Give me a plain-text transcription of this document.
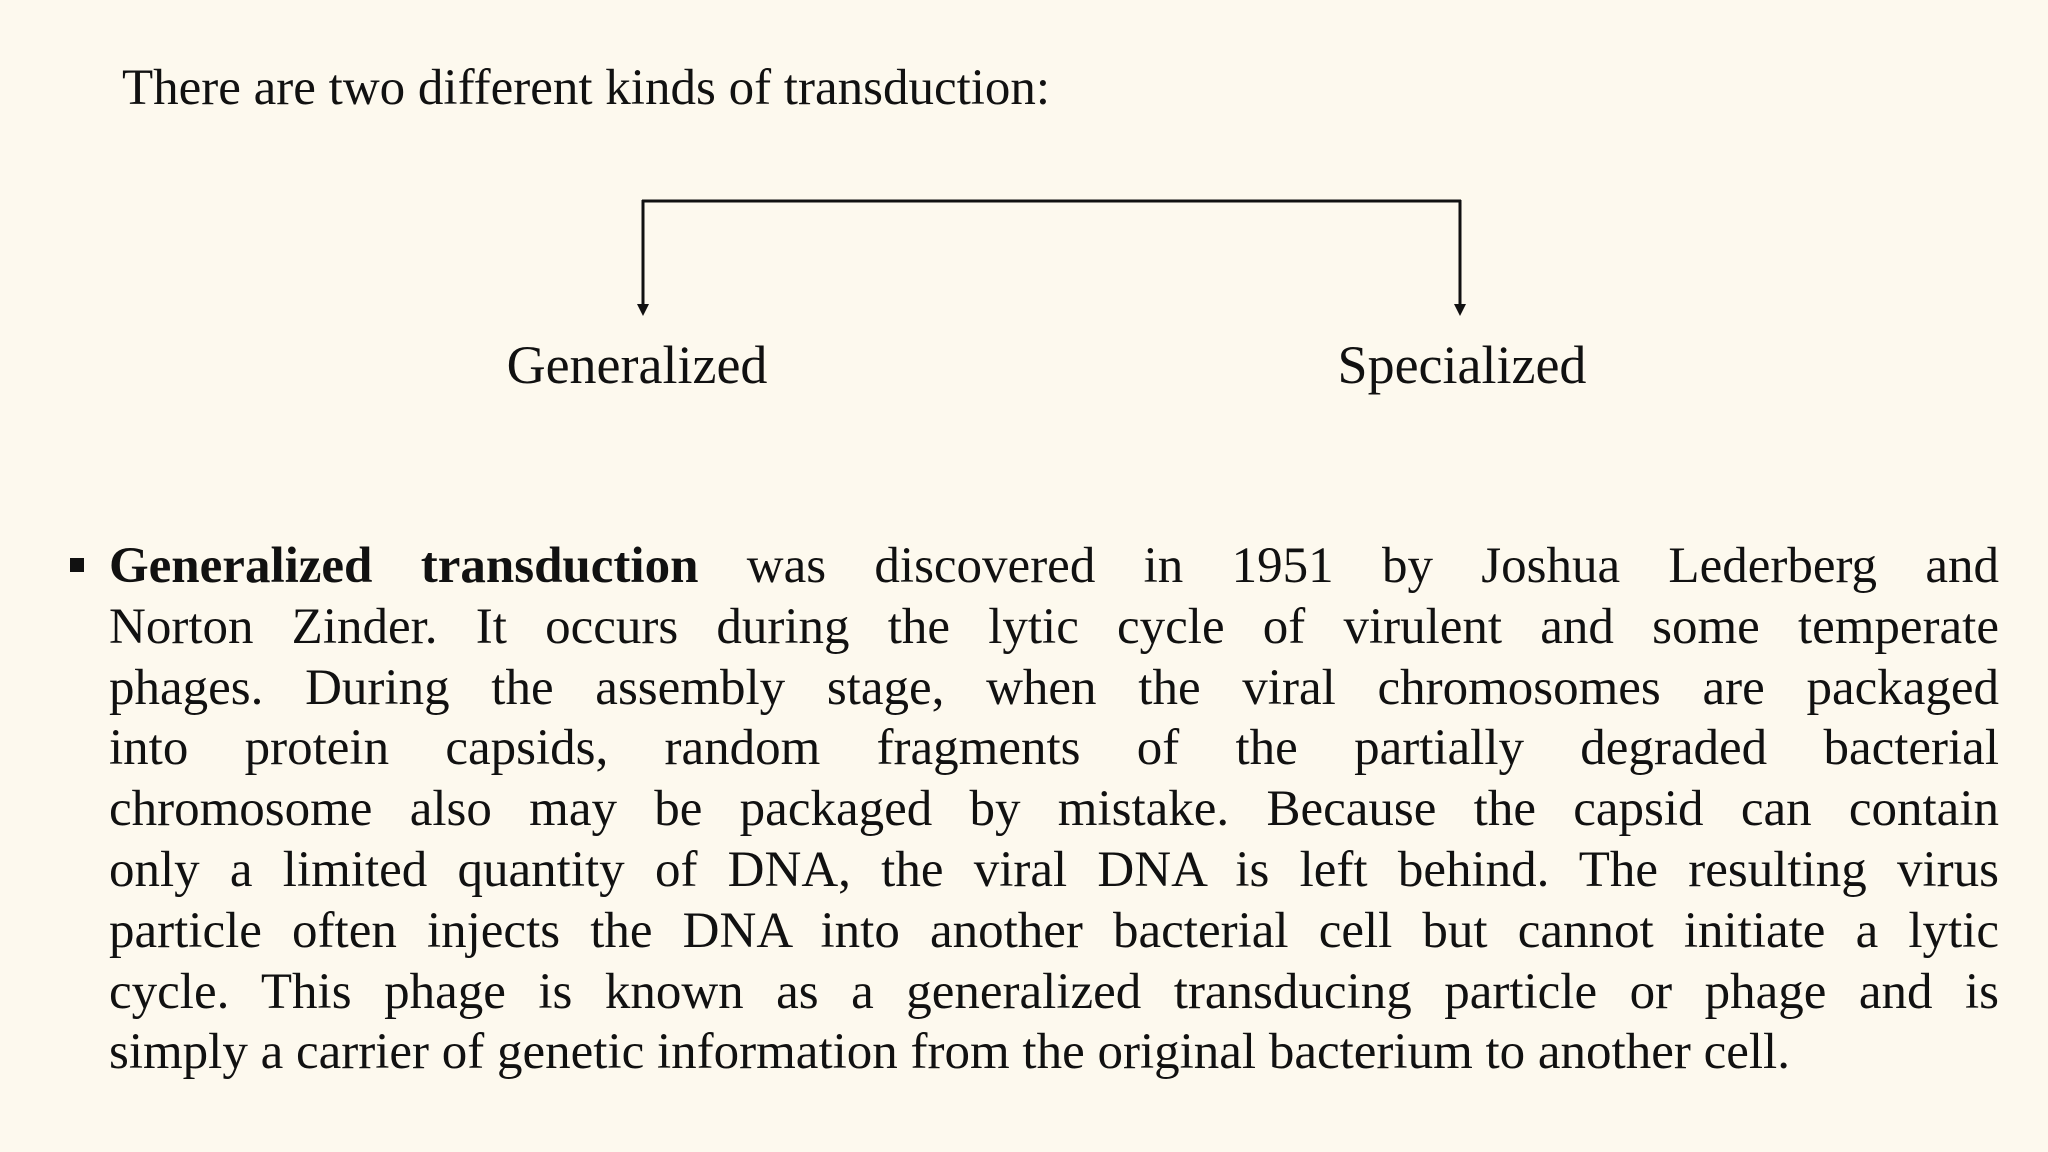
There are two different kinds of transduction:
Generalized	Specialized
Generalized transduction was discovered in 1951 by Joshua Lederberg and
Norton Zinder. It occurs during the lytic cycle of virulent and some temperate
phages. During the assembly stage, when the viral chromosomes are packaged
into protein capsids, random fragments of the partially degraded bacterial
chromosome also may be packaged by mistake. Because the capsid can contain
only a limited quantity of DNA, the viral DNA is left behind. The resulting virus
particle often injects the DNA into another bacterial cell but cannot initiate a lytic
cycle. This phage is known as a generalized transducing particle or phage and is
simply a carrier of genetic information from the original bacterium to another cell.
